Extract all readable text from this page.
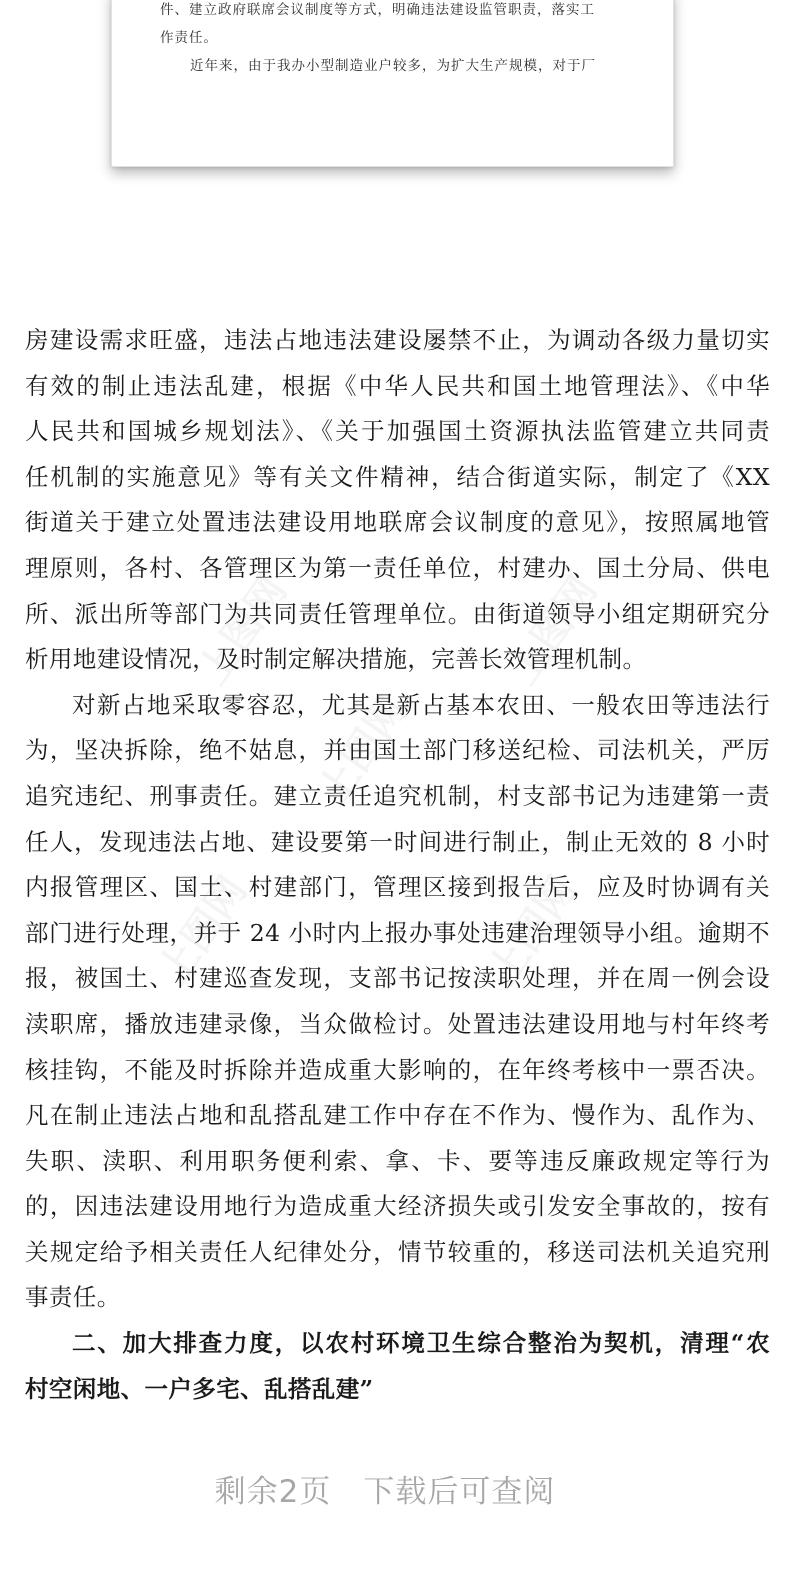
件、建立政府联席会议制度等方式，明确违法建设监管职责，落实工
作责任。
近年来，由于我办小型制造业户较多，为扩大生产规模，对于厂
房建设需求旺盛，违法占地违法建设屡禁不止，为调动各级力量切实
有效的制止违法乱建，根据《中华人民共和国土地管理法》、《中华
人民共和国城乡规划法》、《关于加强国土资源执法监管建立共同责
任机制的实施意见》等有关文件精神，结合街道实际，制定了《XX
街道关于建立处置违法建设用地联席会议制度的意见》，按照属地管
理原则，各村、各管理区为第一责任单位，村建办、国土分局、供电
所、派出所等部门为共同责任管理单位。由街道领导小组定期研究分
析用地建设情况，及时制定解决措施，完善长效管理机制。
对新占地采取零容忍，尤其是新占基本农田、一般农田等违法行
为，坚决拆除，绝不姑息，并由国土部门移送纪检、司法机关，严厉
追究违纪、刑事责任。建立责任追究机制，村支部书记为违建第一责
任人，发现违法占地、建设要第一时间进行制止，制止无效的 8 小时
内报管理区、国土、村建部门，管理区接到报告后，应及时协调有关
部门进行处理，并于 24 小时内上报办事处违建治理领导小组。逾期不
报，被国土、村建巡查发现，支部书记按渎职处理，并在周一例会设
渎职席，播放违建录像，当众做检讨。处置违法建设用地与村年终考
核挂钩，不能及时拆除并造成重大影响的，在年终考核中一票否决。
凡在制止违法占地和乱搭乱建工作中存在不作为、慢作为、乱作为、
失职、渎职、利用职务便利索、拿、卡、要等违反廉政规定等行为
的，因违法建设用地行为造成重大经济损失或引发安全事故的，按有
关规定给予相关责任人纪律处分，情节较重的，移送司法机关追究刑
事责任。
二、加大排查力度，以农村环境卫生综合整治为契机，清理“农
村空闲地、一户多宅、乱搭乱建”
剩余2页 下载后可查阅
